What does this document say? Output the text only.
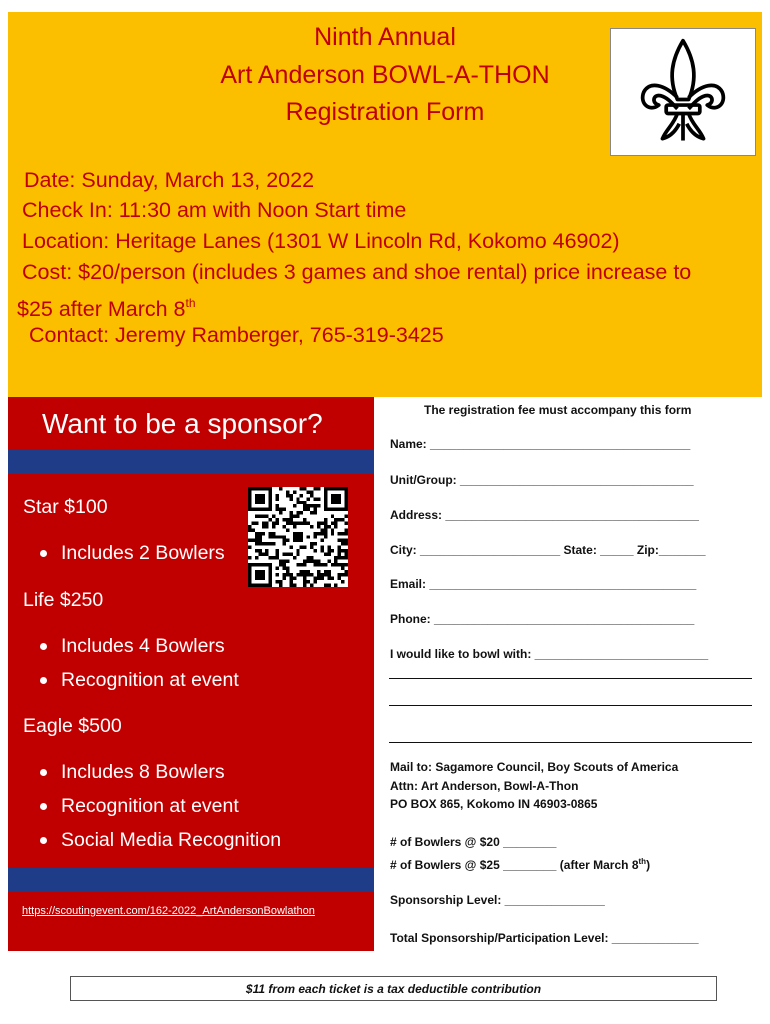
Ninth Annual
Art Anderson BOWL-A-THON
Registration Form
Date: Sunday, March 13, 2022
Check In: 11:30 am with Noon Start time
Location: Heritage Lanes (1301 W Lincoln Rd, Kokomo 46902)
Cost: $20/person (includes 3 games and shoe rental) price increase to
$25 after March 8th
Contact: Jeremy Ramberger, 765-319-3425
Want to be a sponsor?
Star $100
Includes 2 Bowlers
Life $250
Includes 4 Bowlers
Recognition at event
Eagle $500
Includes 8 Bowlers
Recognition at event
Social Media Recognition
https://scoutingevent.com/162-2022_ArtAndersonBowlathon
The registration fee must accompany this form
Name: _______________________________________
Unit/Group: ___________________________________
Address: ______________________________________
City: _____________________ State: _____ Zip:_______
Email: ________________________________________
Phone: _______________________________________
I would like to bowl with: __________________________
Mail to: Sagamore Council, Boy Scouts of America
Attn: Art Anderson, Bowl-A-Thon
PO BOX 865, Kokomo IN 46903-0865
# of Bowlers @ $20 ________
# of Bowlers @ $25 ________ (after March 8th)
Sponsorship Level: _______________
Total Sponsorship/Participation Level: _____________
$11 from each ticket is a tax deductible contribution
